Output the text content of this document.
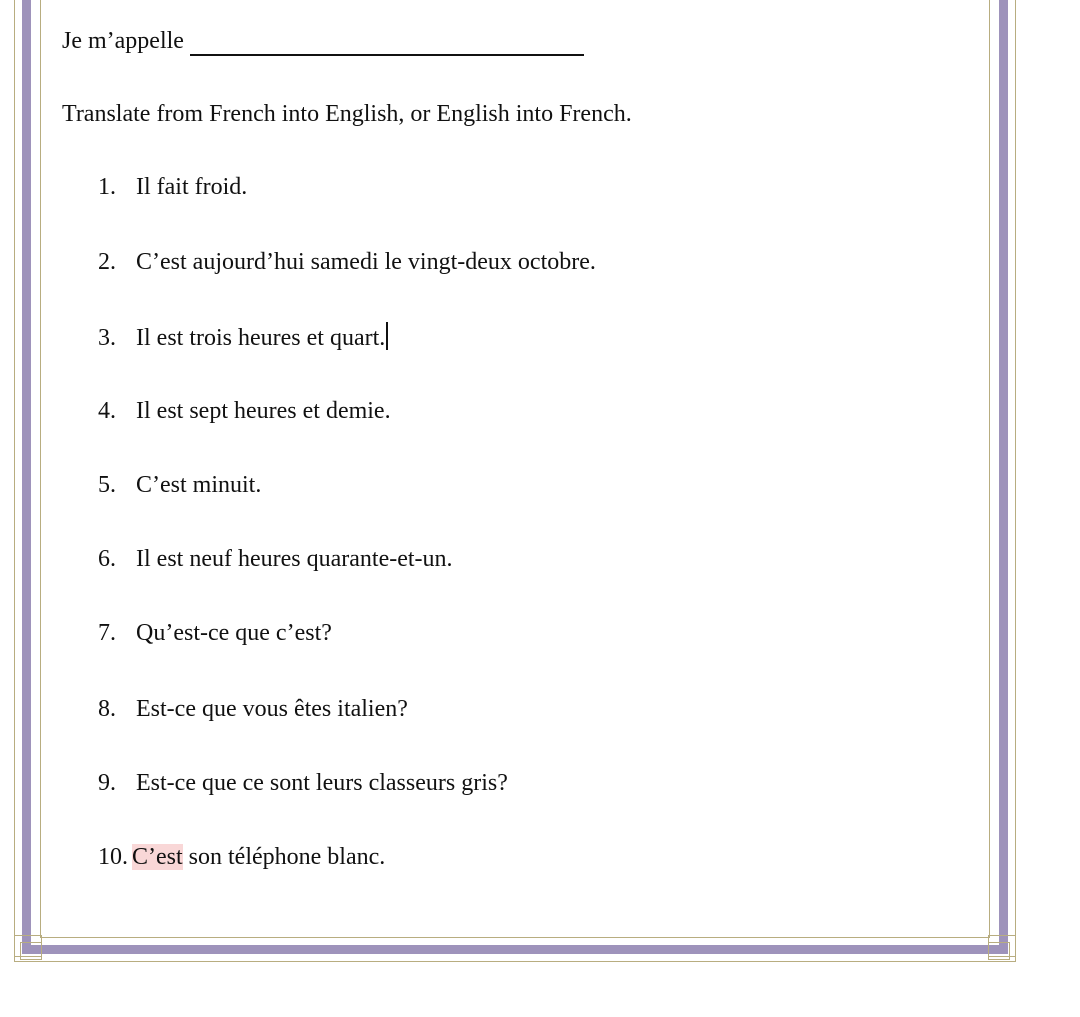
Je m’appelle

Translate from French into English, or English into French.

1. Il fait froid.
2. C’est aujourd’hui samedi le vingt-deux octobre.
3. Il est trois heures et quart.
4. Il est sept heures et demie.
5. C’est minuit.
6. Il est neuf heures quarante-et-un.
7. Qu’est-ce que c’est?
8. Est-ce que vous êtes italien?
9. Est-ce que ce sont leurs classeurs gris?
10. C’est son téléphone blanc.
